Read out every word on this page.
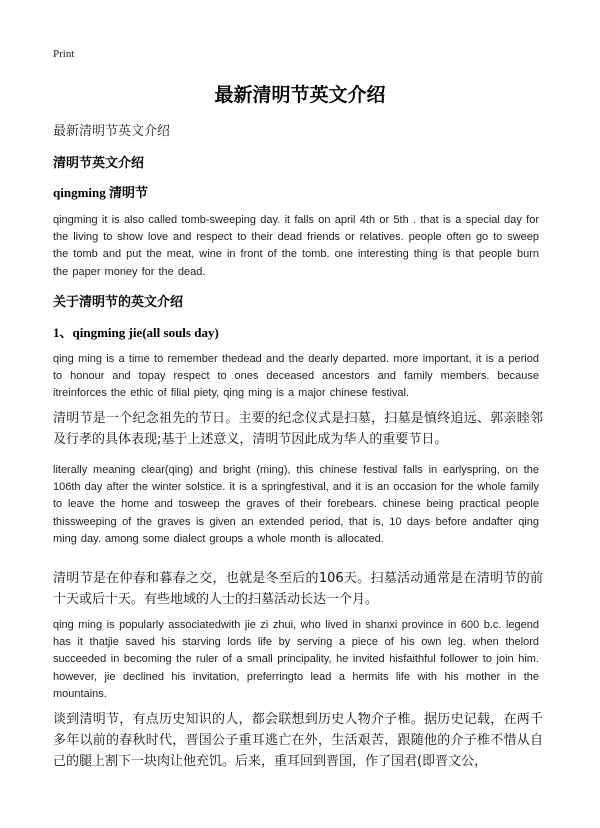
Print
最新清明节英文介绍
最新清明节英文介绍
清明节英文介绍
qingming 清明节

qingming it is also called tomb-sweeping day. it falls on april 4th or 5th . that is a special day for the living to show love and respect to their dead friends or relatives. people often go to sweep the tomb and put the meat, wine in front of the tomb. one interesting thing is that people burn the paper money for the dead.

关于清明节的英文介绍
1、qingming jie(all souls day)

qing ming is a time to remember thedead and the dearly departed. more important, it is a period to honour and topay respect to ones deceased ancestors and family members. because itreinforces the ethic of filial piety, qing ming is a major chinese festival.

清明节是一个纪念祖先的节日。主要的纪念仪式是扫墓，扫墓是慎终追远、郭亲睦邻及行孝的具体表现;基于上述意义，清明节因此成为华人的重要节日。

literally meaning clear(qing) and bright (ming), this chinese festival falls in earlyspring, on the 106th day after the winter solstice. it is a springfestival, and it is an occasion for the whole family to leave the home and tosweep the graves of their forebears. chinese being practical people thissweeping of the graves is given an extended period, that is, 10 days before andafter qing ming day. among some dialect groups a whole month is allocated.

清明节是在仲春和暮春之交，也就是冬至后的106天。扫墓活动通常是在清明节的前十天或后十天。有些地域的人士的扫墓活动长达一个月。

qing ming is popularly associatedwith jie zi zhui, who lived in shanxi province in 600 b.c. legend has it thatjie saved his starving lords life by serving a piece of his own leg. when thelord succeeded in becoming the ruler of a small principality, he invited hisfaithful follower to join him. however, jie declined his invitation, preferringto lead a hermits life with his mother in the mountains.

谈到清明节，有点历史知识的人，都会联想到历史人物介子椎。据历史记载，在两千多年以前的春秋时代，晋国公子重耳逃亡在外，生活艰苦，跟随他的介子椎不惜从自己的腿上割下一块肉让他充饥。后来，重耳回到晋国，作了国君(即晋文公，
